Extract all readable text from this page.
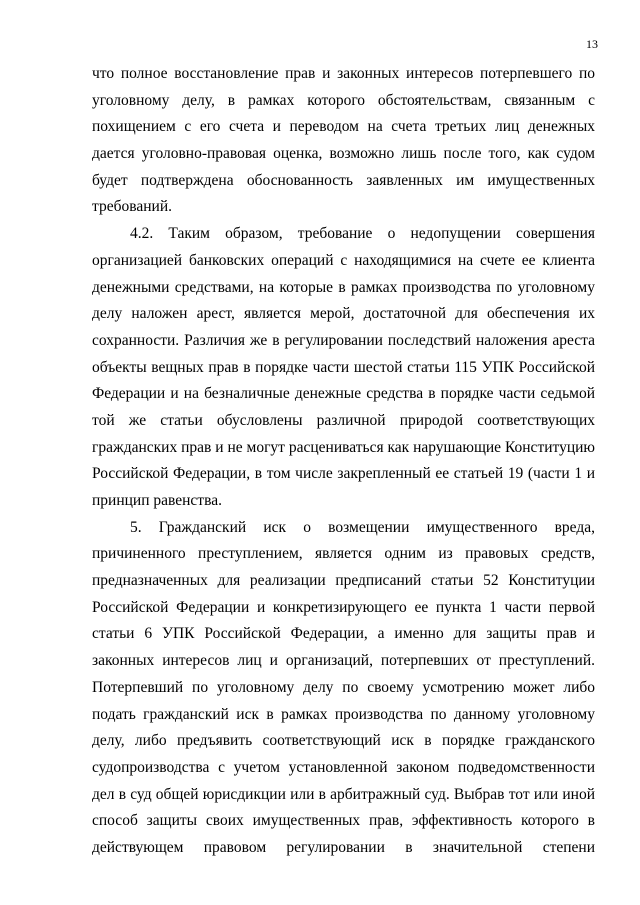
13
что полное восстановление прав и законных интересов потерпевшего по
уголовному делу, в рамках которого обстоятельствам, связанным с
похищением с его счета и переводом на счета третьих лиц денежных
дается уголовно-правовая оценка, возможно лишь после того, как судом
будет подтверждена обоснованность заявленных им имущественных
требований.
4.2. Таким образом, требование о недопущении совершения
организацией банковских операций с находящимися на счете ее клиента
денежными средствами, на которые в рамках производства по уголовному
делу наложен арест, является мерой, достаточной для обеспечения их
сохранности. Различия же в регулировании последствий наложения ареста
объекты вещных прав в порядке части шестой статьи 115 УПК Российской
Федерации и на безналичные денежные средства в порядке части седьмой
той же статьи обусловлены различной природой соответствующих
гражданских прав и не могут расцениваться как нарушающие Конституцию
Российской Федерации, в том числе закрепленный ее статьей 19 (части 1 и
принцип равенства.
5. Гражданский иск о возмещении имущественного вреда,
причиненного преступлением, является одним из правовых средств,
предназначенных для реализации предписаний статьи 52 Конституции
Российской Федерации и конкретизирующего ее пункта 1 части первой
статьи 6 УПК Российской Федерации, а именно для защиты прав и
законных интересов лиц и организаций, потерпевших от преступлений.
Потерпевший по уголовному делу по своему усмотрению может либо
подать гражданский иск в рамках производства по данному уголовному
делу, либо предъявить соответствующий иск в порядке гражданского
судопроизводства с учетом установленной законом подведомственности
дел в суд общей юрисдикции или в арбитражный суд. Выбрав тот или иной
способ защиты своих имущественных прав, эффективность которого в
действующем правовом регулировании в значительной степени
